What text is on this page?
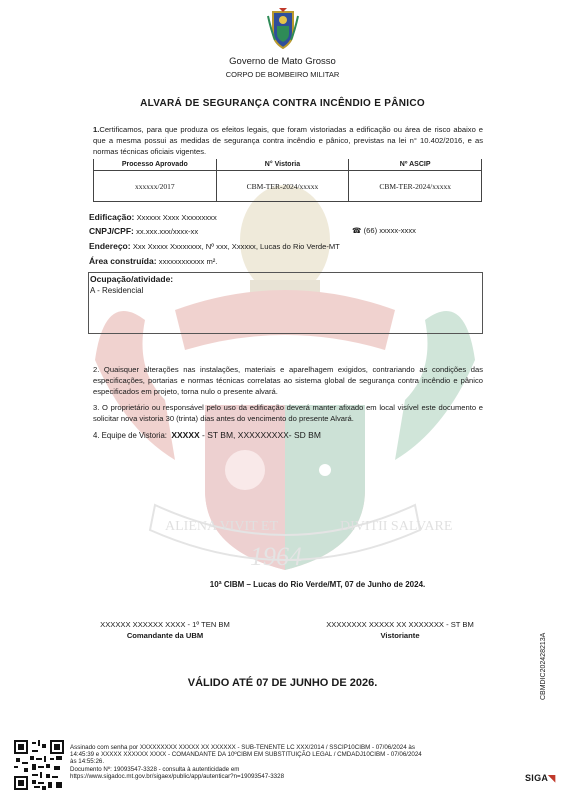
ALIENA VIVIT ET	DIVITII SALVARE
1964
Governo de Mato Grosso
CORPO DE BOMBEIRO MILITAR
ALVARÁ DE SEGURANÇA CONTRA INCÊNDIO E PÂNICO
1.Certificamos, para que produza os efeitos legais, que foram vistoriadas a edificação ou área de risco abaixo e que a mesma possui as medidas de segurança contra incêndio e pânico, previstas na lei n° 10.402/2016, e as normas técnicas oficiais vigentes.
Processo Aprovado	N° Vistoria	Nº ASCIP
xxxxxx/2017	CBM-TER-2024/xxxxx	CBM-TER-2024/xxxxx
Edificação: Xxxxxx Xxxx Xxxxxxxxx
CNPJ/CPF: xx.xxx.xxx/xxxx-xx	☎ (66) xxxxx-xxxx
Endereço: Xxx Xxxxx Xxxxxxxx, Nº xxx, Xxxxxx, Lucas do Rio Verde-MT
Área construída: xxxxxxxxxxxx m².
Ocupação/atividade:
A - Residencial
2. Quaisquer alterações nas instalações, materiais e aparelhagem exigidos, contrariando as condições das especificações, portarias e normas técnicas correlatas ao sistema global de segurança contra incêndio e pânico especificados em projeto, torna nulo o presente alvará.
3. O proprietário ou responsável pelo uso da edificação deverá manter afixado em local visível este documento e solicitar nova vistoria 30 (trinta) dias antes do vencimento do presente Alvará.
4. Equipe de Vistoria: XXXXX - ST BM, XXXXXXXXX- SD BM
10ª CIBM – Lucas do Rio Verde/MT, 07 de Junho de 2024.
XXXXXX XXXXXX XXXX - 1º TEN BM
Comandante da UBM
XXXXXXXX XXXXX XX XXXXXXX - ST BM
Vistoriante
VÁLIDO ATÉ 07 DE JUNHO DE 2026.	CBMDIC202428213A
Assinado com senha por XXXXXXXXX XXXXX XX XXXXXX - SUB-TENENTE LC XXX/2014 / SSCIP10CIBM - 07/06/2024 às
14:45:39 e XXXXX XXXXXX XXXX - COMANDANTE DA 10ºCIBM EM SUBSTITUIÇÃO LEGAL / CMDADJ10CIBM - 07/06/2024
às 14:55:26.
Documento Nº: 19093547-3328 - consulta à autenticidade em
https://www.sigadoc.mt.gov.br/sigaex/public/app/autenticar?n=19093547-3328	SIGA◥
